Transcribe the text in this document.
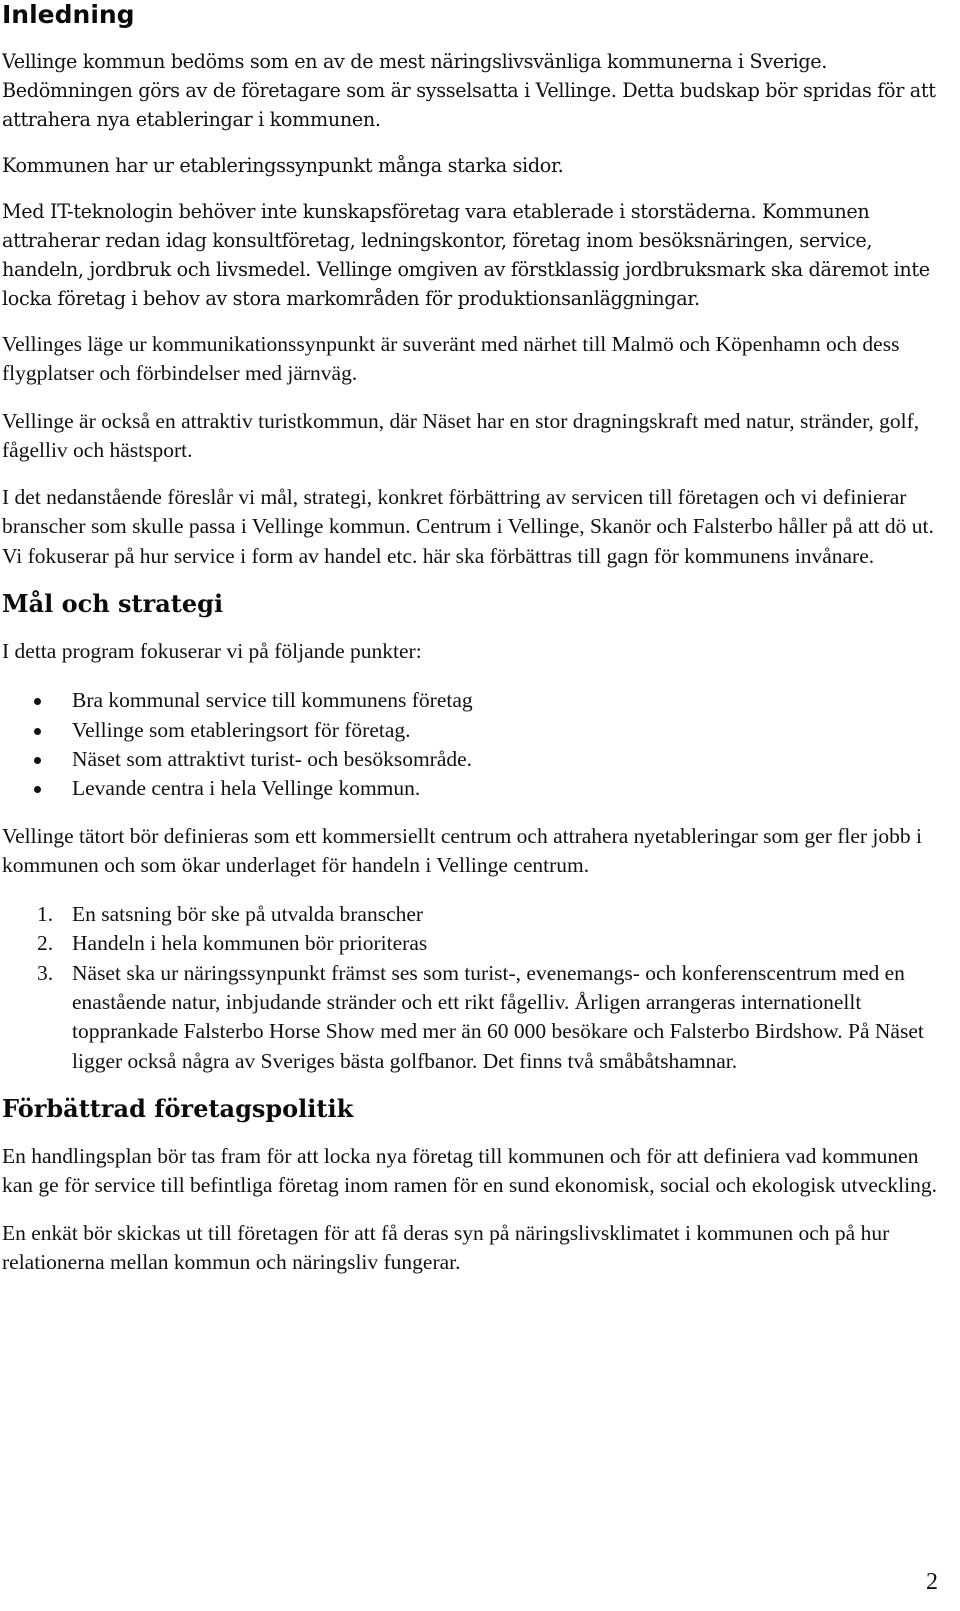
Inledning

Vellinge kommun bedöms som en av de mest näringslivsvänliga kommunerna i Sverige. Bedömningen görs av de företagare som är sysselsatta i Vellinge. Detta budskap bör spridas för att attrahera nya etableringar i kommunen.

Kommunen har ur etableringssynpunkt många starka sidor.

Med IT-teknologin behöver inte kunskapsföretag vara etablerade i storstäderna. Kommunen attraherar redan idag konsultföretag, ledningskontor, företag inom besöksnäringen, service, handeln, jordbruk och livsmedel. Vellinge omgiven av förstklassig jordbruksmark ska däremot inte locka företag i behov av stora markområden för produktionsanläggningar.

Vellinges läge ur kommunikationssynpunkt är suveränt med närhet till Malmö och Köpenhamn och dess flygplatser och förbindelser med järnväg.

Vellinge är också en attraktiv turistkommun, där Näset har en stor dragningskraft med natur, stränder, golf, fågelliv och hästsport.

I det nedanstående föreslår vi mål, strategi, konkret förbättring av servicen till företagen och vi definierar branscher som skulle passa i Vellinge kommun. Centrum i Vellinge, Skanör och Falsterbo håller på att dö ut. Vi fokuserar på hur service i form av handel etc. här ska förbättras till gagn för kommunens invånare.

Mål och strategi

I detta program fokuserar vi på följande punkter:

Bra kommunal service till kommunens företag
Vellinge som etableringsort för företag.
Näset som attraktivt turist- och besöksområde.
Levande centra i hela Vellinge kommun.

Vellinge tätort bör definieras som ett kommersiellt centrum och attrahera nyetableringar som ger fler jobb i kommunen och som ökar underlaget för handeln i Vellinge centrum.

1. En satsning bör ske på utvalda branscher
2. Handeln i hela kommunen bör prioriteras
3. Näset ska ur näringssynpunkt främst ses som turist-, evenemangs- och konferenscentrum med en enastående natur, inbjudande stränder och ett rikt fågelliv. Årligen arrangeras internationellt topprankade Falsterbo Horse Show med mer än 60 000 besökare och Falsterbo Birdshow. På Näset ligger också några av Sveriges bästa golfbanor. Det finns två småbåtshamnar.
Förbättrad företagspolitik

En handlingsplan bör tas fram för att locka nya företag till kommunen och för att definiera vad kommunen kan ge för service till befintliga företag inom ramen för en sund ekonomisk, social och ekologisk utveckling.

En enkät bör skickas ut till företagen för att få deras syn på näringslivsklimatet i kommunen och på hur relationerna mellan kommun och näringsliv fungerar.

2
